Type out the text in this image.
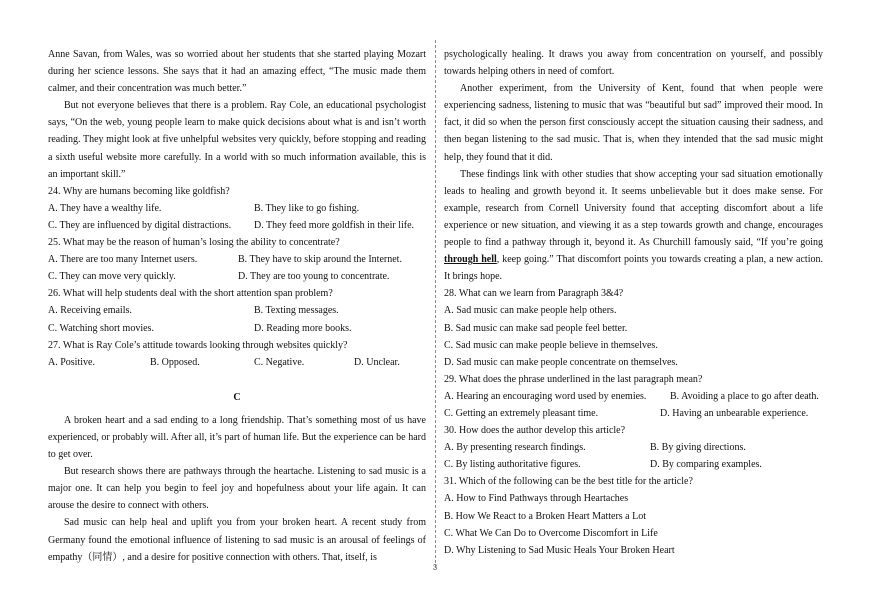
Anne Savan, from Wales, was so worried about her students that she started playing Mozart during her science lessons. She says that it had an amazing effect, “The music made them calmer, and their concentration was much better.”

But not everyone believes that there is a problem. Ray Cole, an educational psychologist says, “On the web, young people learn to make quick decisions about what is and isn’t worth reading. They might look at five unhelpful websites very quickly, before stopping and reading a sixth useful website more carefully. In a world with so much information available, this is an important skill.”

24. Why are humans becoming like goldfish?

A. They have a wealthy life.	B. They like to go fishing.
C. They are influenced by digital distractions. D. They feed more goldfish in their life.

25. What may be the reason of human’s losing the ability to concentrate?

A. There are too many Internet users.	B. They have to skip around the Internet.
C. They can move very quickly.	D. They are too young to concentrate.

26. What will help students deal with the short attention span problem?

A. Receiving emails.	B. Texting messages.
C. Watching short movies.	D. Reading more books.

27. What is Ray Cole’s attitude towards looking through websites quickly?

A. Positive.	B. Opposed.	C. Negative.	D. Unclear.

C

A broken heart and a sad ending to a long friendship. That’s something most of us have experienced, or probably will. After all, it’s part of human life. But the experience can be hard to get over.

But research shows there are pathways through the heartache. Listening to sad music is a major one. It can help you begin to feel joy and hopefulness about your life again. It can arouse the desire to connect with others.

Sad music can help heal and uplift you from your broken heart. A recent study from Germany found the emotional influence of listening to sad music is an arousal of feelings of empathy（同情）, and a desire for positive connection with others. That, itself, is

psychologically healing. It draws you away from concentration on yourself, and possibly towards helping others in need of comfort.

Another experiment, from the University of Kent, found that when people were experiencing sadness, listening to music that was “beautiful but sad” improved their mood. In fact, it did so when the person first consciously accept the situation causing their sadness, and then began listening to the sad music. That is, when they intended that the sad music might help, they found that it did.

These findings link with other studies that show accepting your sad situation emotionally leads to healing and growth beyond it. It seems unbelievable but it does make sense. For example, research from Cornell University found that accepting discomfort about a life experience or new situation, and viewing it as a step towards growth and change, encourages people to find a pathway through it, beyond it. As Churchill famously said, “If you’re going through hell, keep going.” That discomfort points you towards creating a plan, a new action. It brings hope.

28. What can we learn from Paragraph 3&4?

A. Sad music can make people help others.

B. Sad music can make sad people feel better.

C. Sad music can make people believe in themselves.

D. Sad music can make people concentrate on themselves.

29. What does the phrase underlined in the last paragraph mean?

A. Hearing an encouraging word used by enemies. B. Avoiding a place to go after death.
C. Getting an extremely pleasant time.	D. Having an unbearable experience.

30. How does the author develop this article?

A. By presenting research findings.	B. By giving directions.
C. By listing authoritative figures.	D. By comparing examples.

31. Which of the following can be the best title for the article?

A. How to Find Pathways through Heartaches

B. How We React to a Broken Heart Matters a Lot

C. What We Can Do to Overcome Discomfort in Life

D. Why Listening to Sad Music Heals Your Broken Heart

3
